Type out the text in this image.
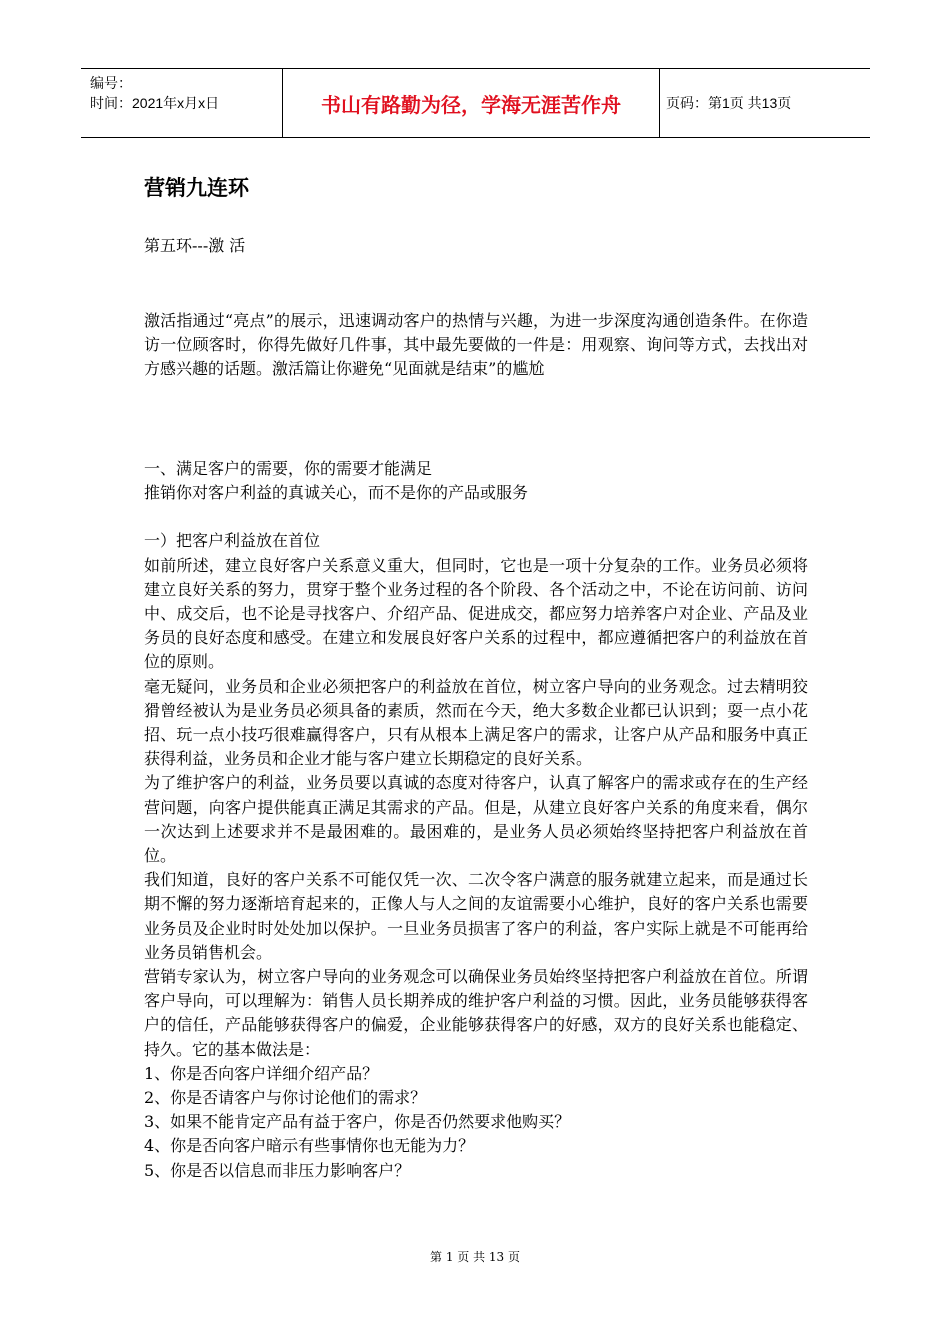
编号：
时间：2021年x月x日	书山有路勤为径，学海无涯苦作舟	页码：第1页 共13页
营销九连环
第五环---激 活

激活指通过“亮点”的展示，迅速调动客户的热情与兴趣，为进一步深度沟通创造条件。在你造访一位顾客时，你得先做好几件事，其中最先要做的一件是：用观察、询问等方式，去找出对方感兴趣的话题。激活篇让你避免“见面就是结束”的尴尬

一、满足客户的需要，你的需要才能满足

推销你对客户利益的真诚关心，而不是你的产品或服务

一）把客户利益放在首位

如前所述，建立良好客户关系意义重大，但同时，它也是一项十分复杂的工作。业务员必须将建立良好关系的努力，贯穿于整个业务过程的各个阶段、各个活动之中，不论在访问前、访问中、成交后，也不论是寻找客户、介绍产品、促进成交，都应努力培养客户对企业、产品及业务员的良好态度和感受。在建立和发展良好客户关系的过程中，都应遵循把客户的利益放在首位的原则。

毫无疑问，业务员和企业必须把客户的利益放在首位，树立客户导向的业务观念。过去精明狡猾曾经被认为是业务员必须具备的素质，然而在今天，绝大多数企业都已认识到；耍一点小花招、玩一点小技巧很难赢得客户，只有从根本上满足客户的需求，让客户从产品和服务中真正获得利益，业务员和企业才能与客户建立长期稳定的良好关系。

为了维护客户的利益，业务员要以真诚的态度对待客户，认真了解客户的需求或存在的生产经营问题，向客户提供能真正满足其需求的产品。但是，从建立良好客户关系的角度来看，偶尔一次达到上述要求并不是最困难的。最困难的，是业务人员必须始终坚持把客户利益放在首位。

我们知道，良好的客户关系不可能仅凭一次、二次令客户满意的服务就建立起来，而是通过长期不懈的努力逐渐培育起来的，正像人与人之间的友谊需要小心维护，良好的客户关系也需要业务员及企业时时处处加以保护。一旦业务员损害了客户的利益，客户实际上就是不可能再给业务员销售机会。

营销专家认为，树立客户导向的业务观念可以确保业务员始终坚持把客户利益放在首位。所谓客户导向，可以理解为：销售人员长期养成的维护客户利益的习惯。因此，业务员能够获得客户的信任，产品能够获得客户的偏爱，企业能够获得客户的好感，双方的良好关系也能稳定、持久。它的基本做法是：

1、你是否向客户详细介绍产品？

2、你是否请客户与你讨论他们的需求？

3、如果不能肯定产品有益于客户，你是否仍然要求他购买？

4、你是否向客户暗示有些事情你也无能为力？

5、你是否以信息而非压力影响客户？

第 1 页 共 13 页
